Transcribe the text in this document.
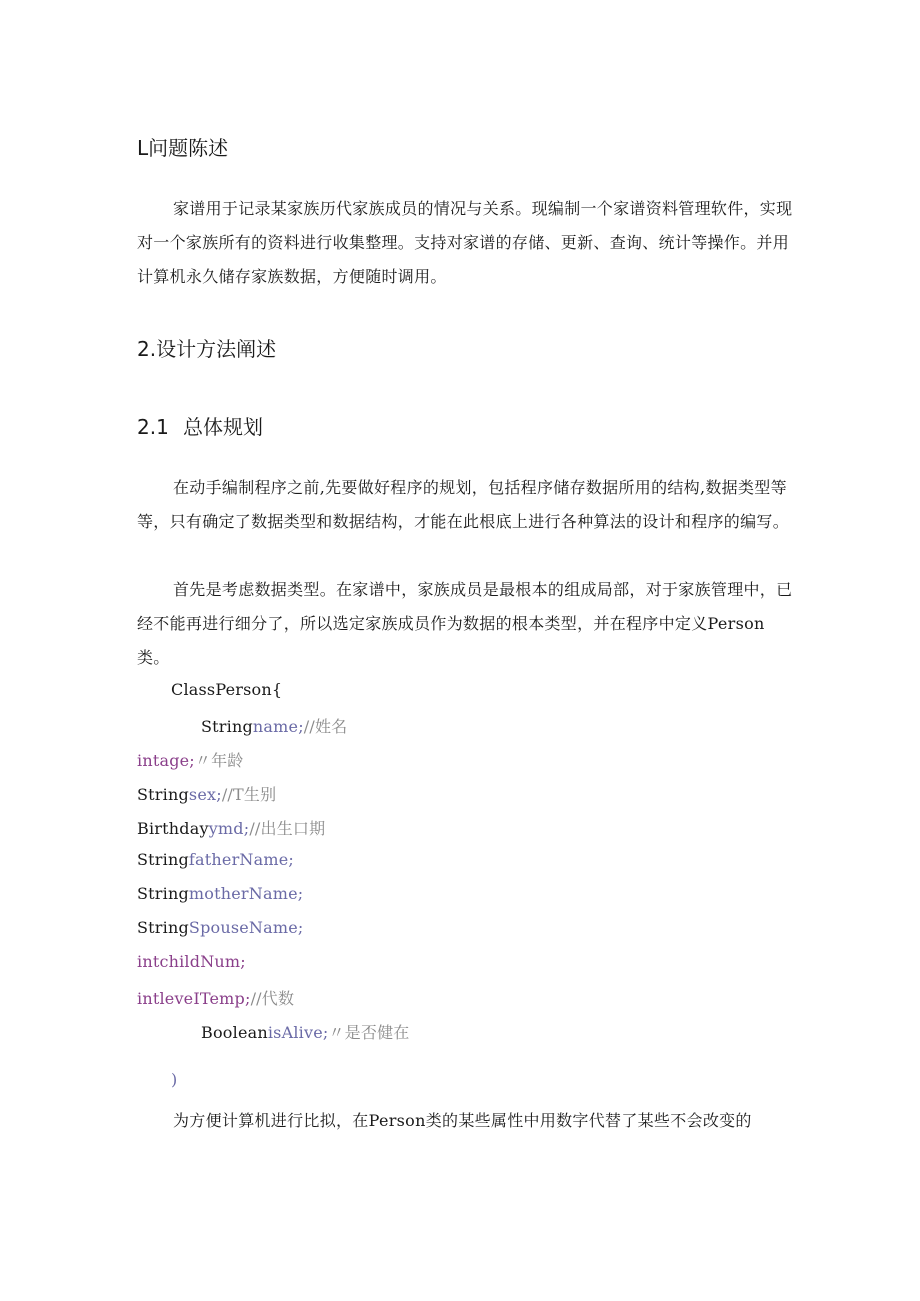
L问题陈述
家谱用于记录某家族历代家族成员的情况与关系。现编制一个家谱资料管理软件，实现对一个家族所有的资料进行收集整理。支持对家谱的存储、更新、查询、统计等操作。并用计算机永久储存家族数据，方便随时调用。
2.设计方法阐述
2.1 总体规划
在动手编制程序之前,先要做好程序的规划，包括程序储存数据所用的结构,数据类型等等，只有确定了数据类型和数据结构，才能在此根底上进行各种算法的设计和程序的编写。
首先是考虑数据类型。在家谱中，家族成员是最根本的组成局部，对于家族管理中，已经不能再进行细分了，所以选定家族成员作为数据的根本类型，并在程序中定义Person类。
ClassPerson{
Stringname;//姓名
intage;〃年龄
Stringsex;//T生别
Birthdayymd;//出生口期
StringfatherName;
StringmotherName;
StringSpouseName;
intchildNum;
intleveITemp;//代数
BooleanisAlive;〃是否健在
)
为方便计算机进行比拟，在Person类的某些属性中用数字代替了某些不会改变的
